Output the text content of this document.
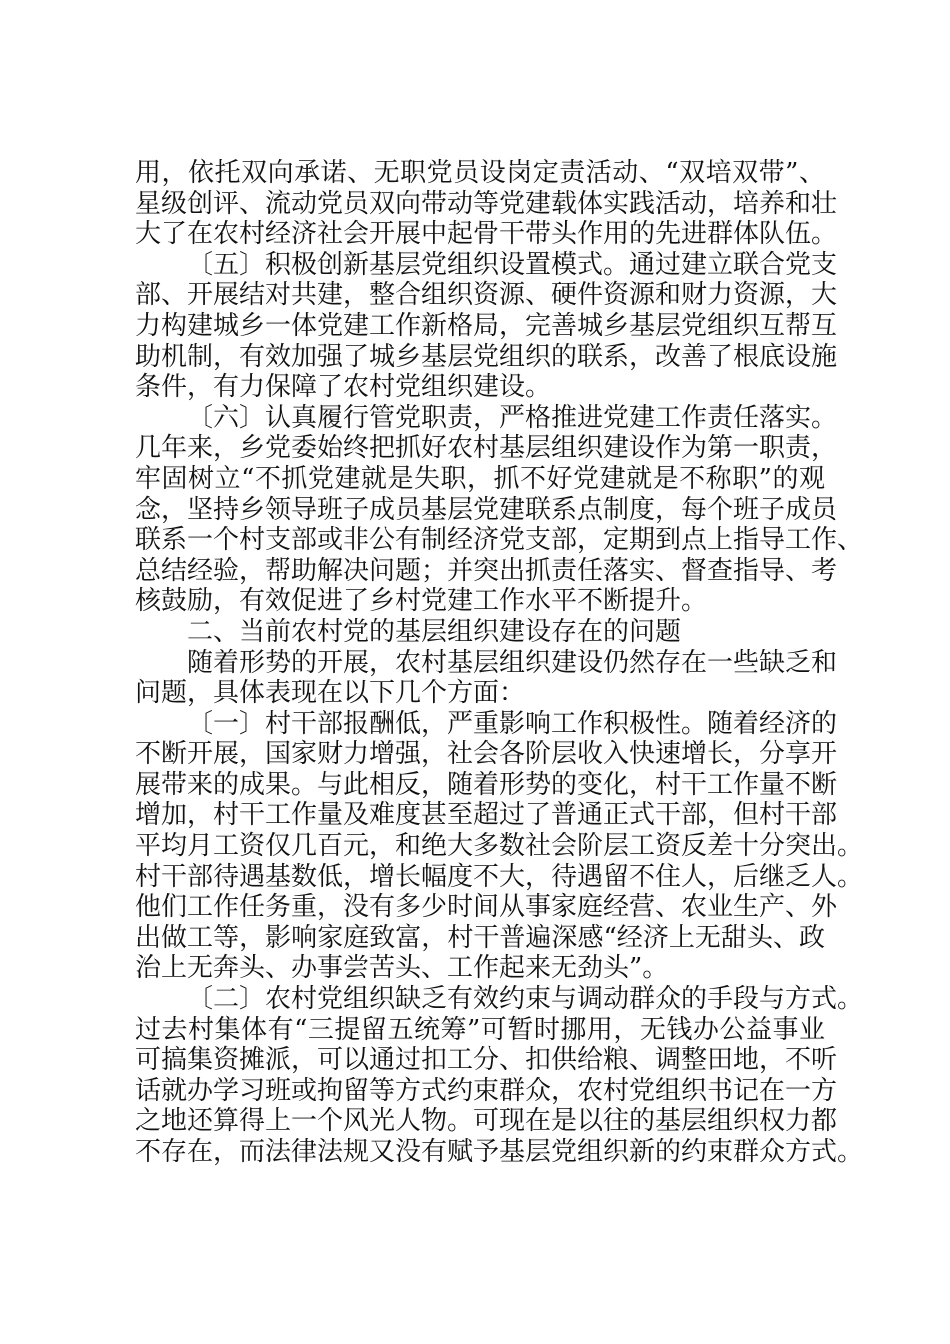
用，依托双向承诺、无职党员设岗定责活动、“双培双带”、
星级创评、流动党员双向带动等党建载体实践活动，培养和壮
大了在农村经济社会开展中起骨干带头作用的先进群体队伍。
〔五〕积极创新基层党组织设置模式。通过建立联合党支
部、开展结对共建，整合组织资源、硬件资源和财力资源，大
力构建城乡一体党建工作新格局，完善城乡基层党组织互帮互
助机制，有效加强了城乡基层党组织的联系，改善了根底设施
条件，有力保障了农村党组织建设。
〔六〕认真履行管党职责，严格推进党建工作责任落实。
几年来，乡党委始终把抓好农村基层组织建设作为第一职责，
牢固树立“不抓党建就是失职，抓不好党建就是不称职”的观
念，坚持乡领导班子成员基层党建联系点制度，每个班子成员
联系一个村支部或非公有制经济党支部，定期到点上指导工作、
总结经验，帮助解决问题；并突出抓责任落实、督查指导、考
核鼓励，有效促进了乡村党建工作水平不断提升。
二、当前农村党的基层组织建设存在的问题
随着形势的开展，农村基层组织建设仍然存在一些缺乏和
问题，具体表现在以下几个方面：
〔一〕村干部报酬低，严重影响工作积极性。随着经济的
不断开展，国家财力增强，社会各阶层收入快速增长，分享开
展带来的成果。与此相反，随着形势的变化，村干工作量不断
增加，村干工作量及难度甚至超过了普通正式干部，但村干部
平均月工资仅几百元，和绝大多数社会阶层工资反差十分突出。
村干部待遇基数低，增长幅度不大，待遇留不住人，后继乏人。
他们工作任务重，没有多少时间从事家庭经营、农业生产、外
出做工等，影响家庭致富，村干普遍深感“经济上无甜头、政
治上无奔头、办事尝苦头、工作起来无劲头”。
〔二〕农村党组织缺乏有效约束与调动群众的手段与方式。
过去村集体有“三提留五统筹”可暂时挪用，无钱办公益事业
可搞集资摊派，可以通过扣工分、扣供给粮、调整田地，不听
话就办学习班或拘留等方式约束群众，农村党组织书记在一方
之地还算得上一个风光人物。可现在是以往的基层组织权力都
不存在，而法律法规又没有赋予基层党组织新的约束群众方式。
